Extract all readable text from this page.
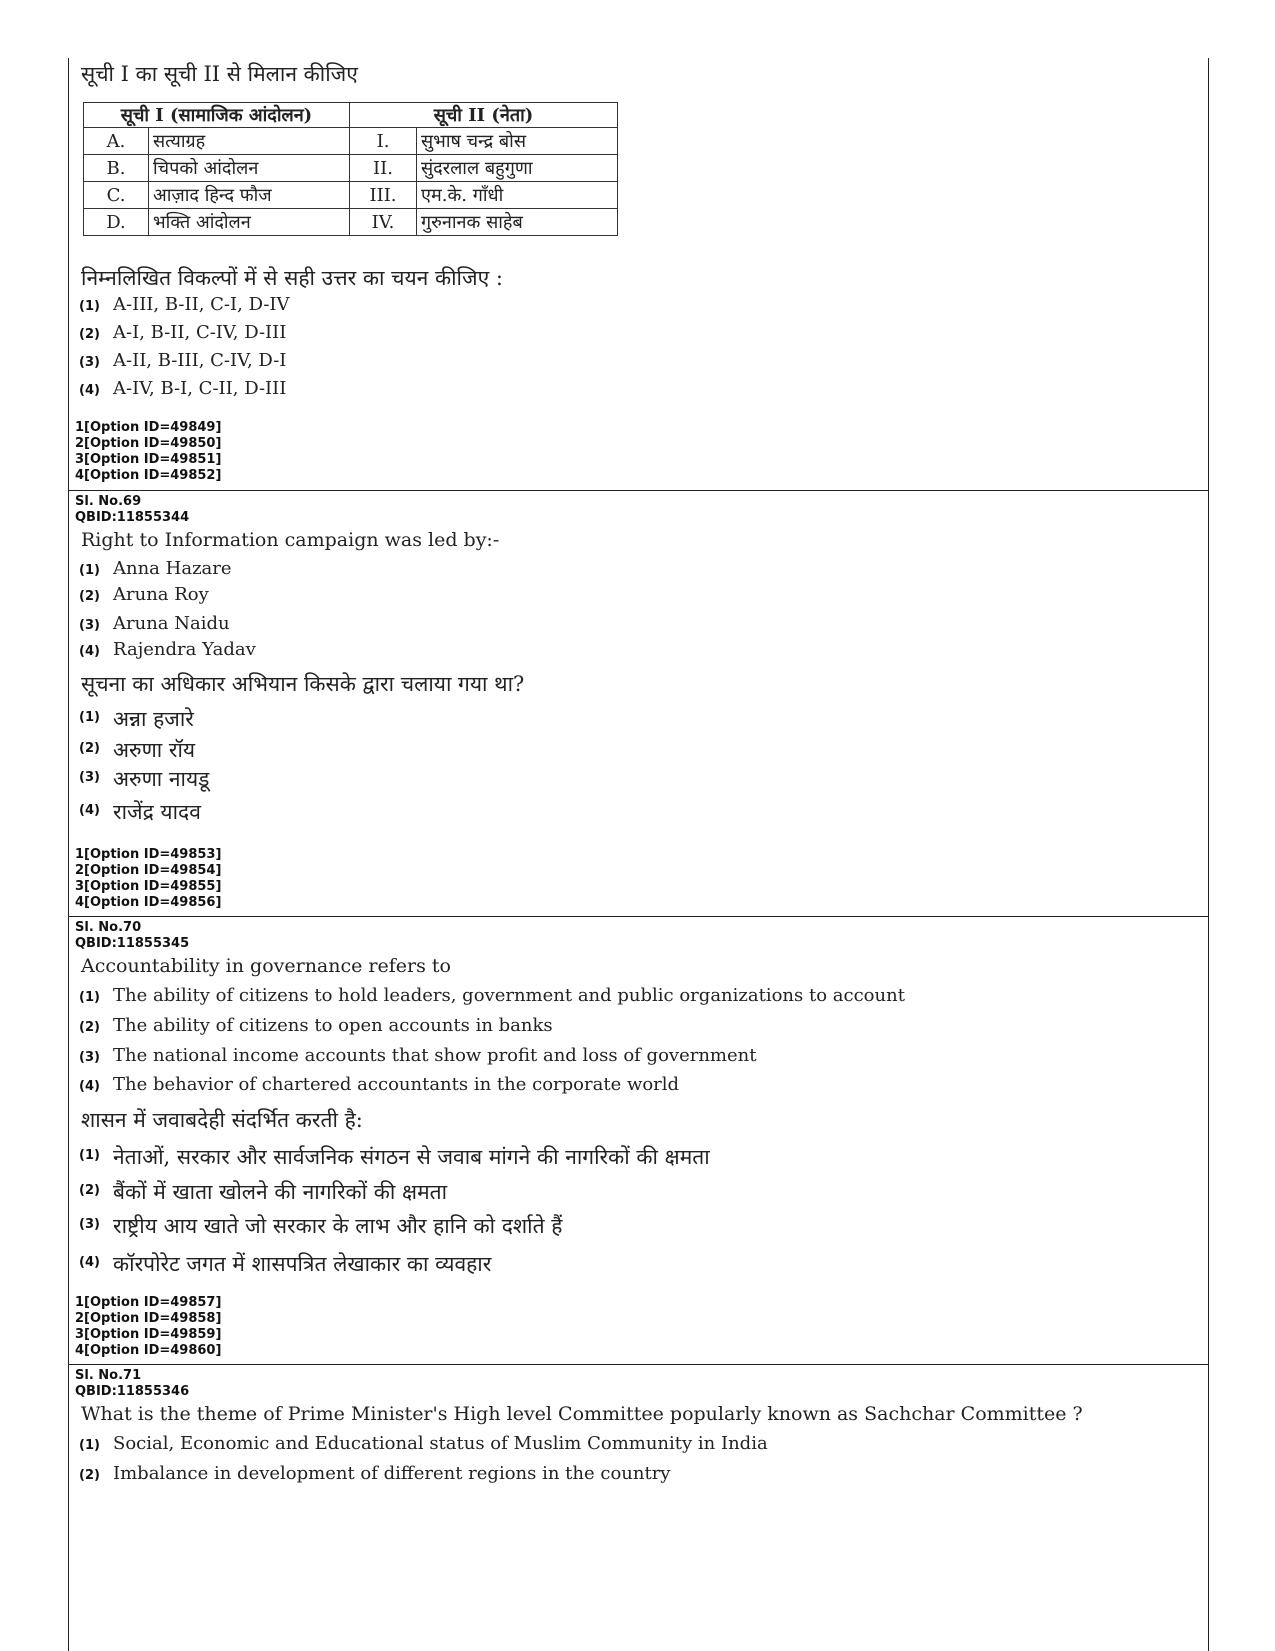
सूची I का सूची II से मिलान कीजिए
सूची I (सामाजिक आंदोलन)		सूची II (नेता)	
A.	सत्याग्रह	I.	सुभाष चन्द्र बोस
B.	चिपको आंदोलन	II.	सुंदरलाल बहुगुणा
C.	आज़ाद हिन्द फौज	III.	एम.के. गाँधी
D.	भक्ति आंदोलन	IV.	गुरुनानक साहेब
निम्नलिखित विकल्पों में से सही उत्तर का चयन कीजिए :
(1) A-III, B-II, C-I, D-IV
(2) A-I, B-II, C-IV, D-III
(3) A-II, B-III, C-IV, D-I
(4) A-IV, B-I, C-II, D-III
1[Option ID=49849]
2[Option ID=49850]
3[Option ID=49851]
4[Option ID=49852]
Sl. No.69
QBID:11855344
Right to Information campaign was led by:-
(1) Anna Hazare
(2) Aruna Roy
(3) Aruna Naidu
(4) Rajendra Yadav
सूचना का अधिकार अभियान किसके द्वारा चलाया गया था?
(1) अन्ना हजारे
(2) अरुणा रॉय
(3) अरुणा नायडू
(4) राजेंद्र यादव
1[Option ID=49853]
2[Option ID=49854]
3[Option ID=49855]
4[Option ID=49856]
Sl. No.70
QBID:11855345
Accountability in governance refers to
(1) The ability of citizens to hold leaders, government and public organizations to account
(2) The ability of citizens to open accounts in banks
(3) The national income accounts that show profit and loss of government
(4) The behavior of chartered accountants in the corporate world
शासन में जवाबदेही संदर्भित करती है:
(1) नेताओं, सरकार और सार्वजनिक संगठन से जवाब मांगने की नागरिकों की क्षमता
(2) बैंकों में खाता खोलने की नागरिकों की क्षमता
(3) राष्ट्रीय आय खाते जो सरकार के लाभ और हानि को दर्शाते हैं
(4) कॉरपोरेट जगत में शासपत्रित लेखाकार का व्यवहार
1[Option ID=49857]
2[Option ID=49858]
3[Option ID=49859]
4[Option ID=49860]
Sl. No.71
QBID:11855346
What is the theme of Prime Minister's High level Committee popularly known as Sachchar Committee ?
(1) Social, Economic and Educational status of Muslim Community in India
(2) Imbalance in development of different regions in the country
